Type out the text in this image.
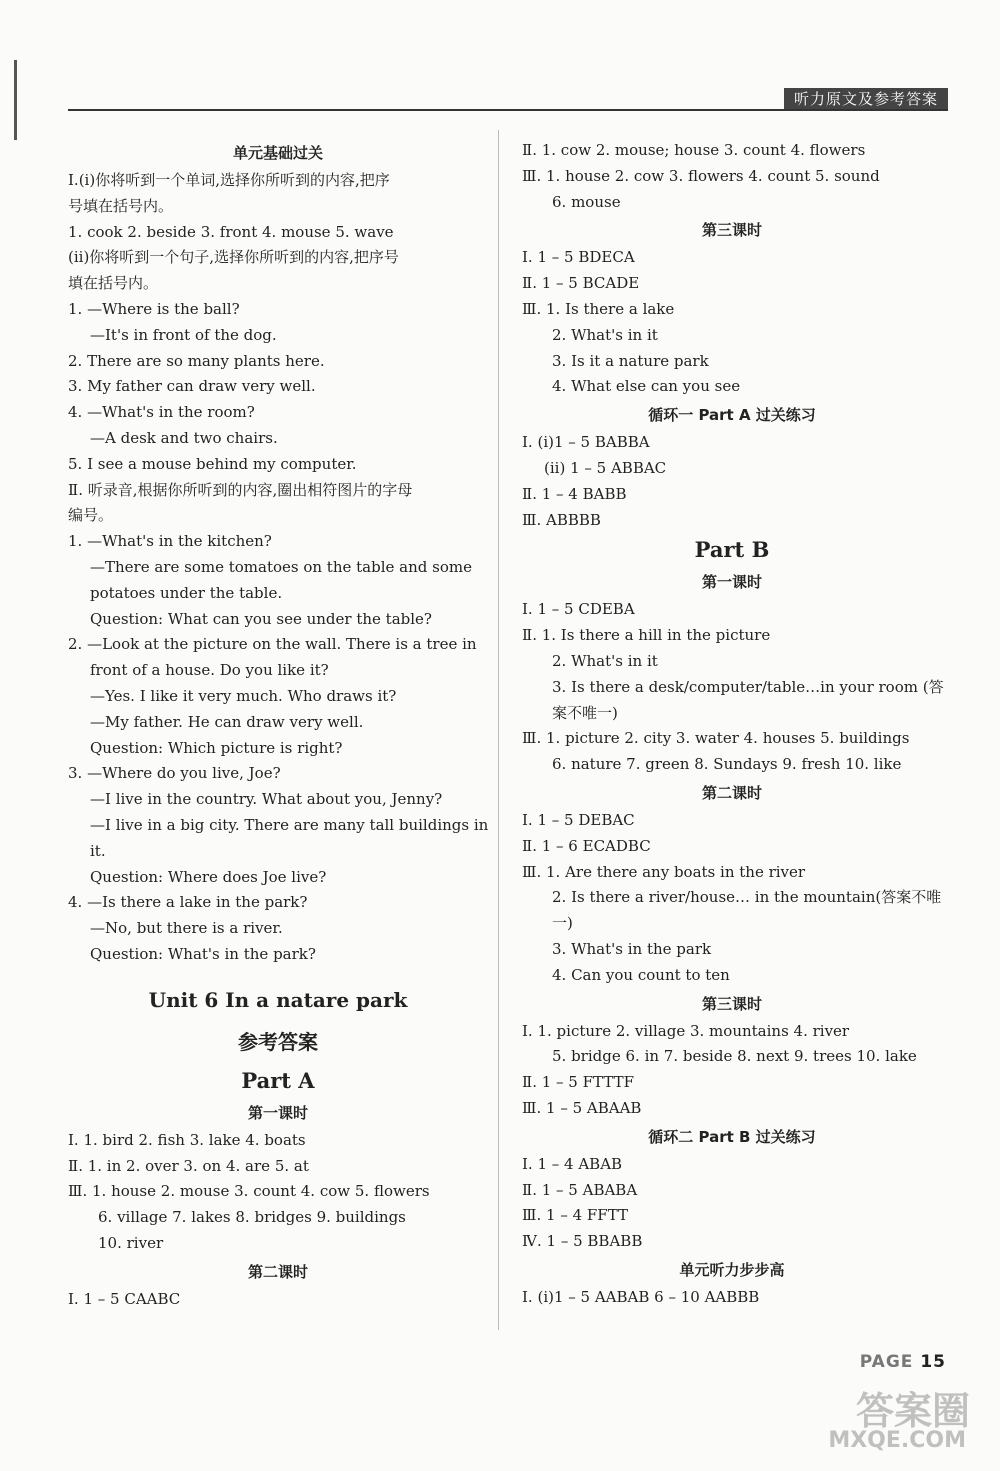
听力原文及参考答案
单元基础过关
Ⅰ.(i)你将听到一个单词,选择你所听到的内容,把序
号填在括号内。
1. cook 2. beside 3. front 4. mouse 5. wave
(ii)你将听到一个句子,选择你所听到的内容,把序号
填在括号内。
1. —Where is the ball?
—It's in front of the dog.
2. There are so many plants here.
3. My father can draw very well.
4. —What's in the room?
—A desk and two chairs.
5. I see a mouse behind my computer.
Ⅱ. 听录音,根据你所听到的内容,圈出相符图片的字母
编号。
1. —What's in the kitchen?
—There are some tomatoes on the table and some
potatoes under the table.
Question: What can you see under the table?
2. —Look at the picture on the wall. There is a tree in
front of a house. Do you like it?
—Yes. I like it very much. Who draws it?
—My father. He can draw very well.
Question: Which picture is right?
3. —Where do you live, Joe?
—I live in the country. What about you, Jenny?
—I live in a big city. There are many tall buildings in
it.
Question: Where does Joe live?
4. —Is there a lake in the park?
—No, but there is a river.
Question: What's in the park?
Unit 6 In a natare park
参考答案
Part A
第一课时
Ⅰ. 1. bird 2. fish 3. lake 4. boats
Ⅱ. 1. in 2. over 3. on 4. are 5. at
Ⅲ. 1. house 2. mouse 3. count 4. cow 5. flowers
6. village 7. lakes 8. bridges 9. buildings
10. river
第二课时
Ⅰ. 1 – 5 CAABC
Ⅱ. 1. cow 2. mouse; house 3. count 4. flowers
Ⅲ. 1. house 2. cow 3. flowers 4. count 5. sound
6. mouse
第三课时
Ⅰ. 1 – 5 BDECA
Ⅱ. 1 – 5 BCADE
Ⅲ. 1. Is there a lake
2. What's in it
3. Is it a nature park
4. What else can you see
循环一 Part A 过关练习
Ⅰ. (i)1 – 5 BABBA
(ii) 1 – 5 ABBAC
Ⅱ. 1 – 4 BABB
Ⅲ. ABBBB
Part B
第一课时
Ⅰ. 1 – 5 CDEBA
Ⅱ. 1. Is there a hill in the picture
2. What's in it
3. Is there a desk/computer/table…in your room (答
案不唯一)
Ⅲ. 1. picture 2. city 3. water 4. houses 5. buildings
6. nature 7. green 8. Sundays 9. fresh 10. like
第二课时
Ⅰ. 1 – 5 DEBAC
Ⅱ. 1 – 6 ECADBC
Ⅲ. 1. Are there any boats in the river
2. Is there a river/house… in the mountain(答案不唯
一)
3. What's in the park
4. Can you count to ten
第三课时
Ⅰ. 1. picture 2. village 3. mountains 4. river
5. bridge 6. in 7. beside 8. next 9. trees 10. lake
Ⅱ. 1 – 5 FTTTF
Ⅲ. 1 – 5 ABAAB
循环二 Part B 过关练习
Ⅰ. 1 – 4 ABAB
Ⅱ. 1 – 5 ABABA
Ⅲ. 1 – 4 FFTT
Ⅳ. 1 – 5 BBABB
单元听力步步高
Ⅰ. (i)1 – 5 AABAB 6 – 10 AABBB
PAGE 15
答案圈
MXQE.COM
